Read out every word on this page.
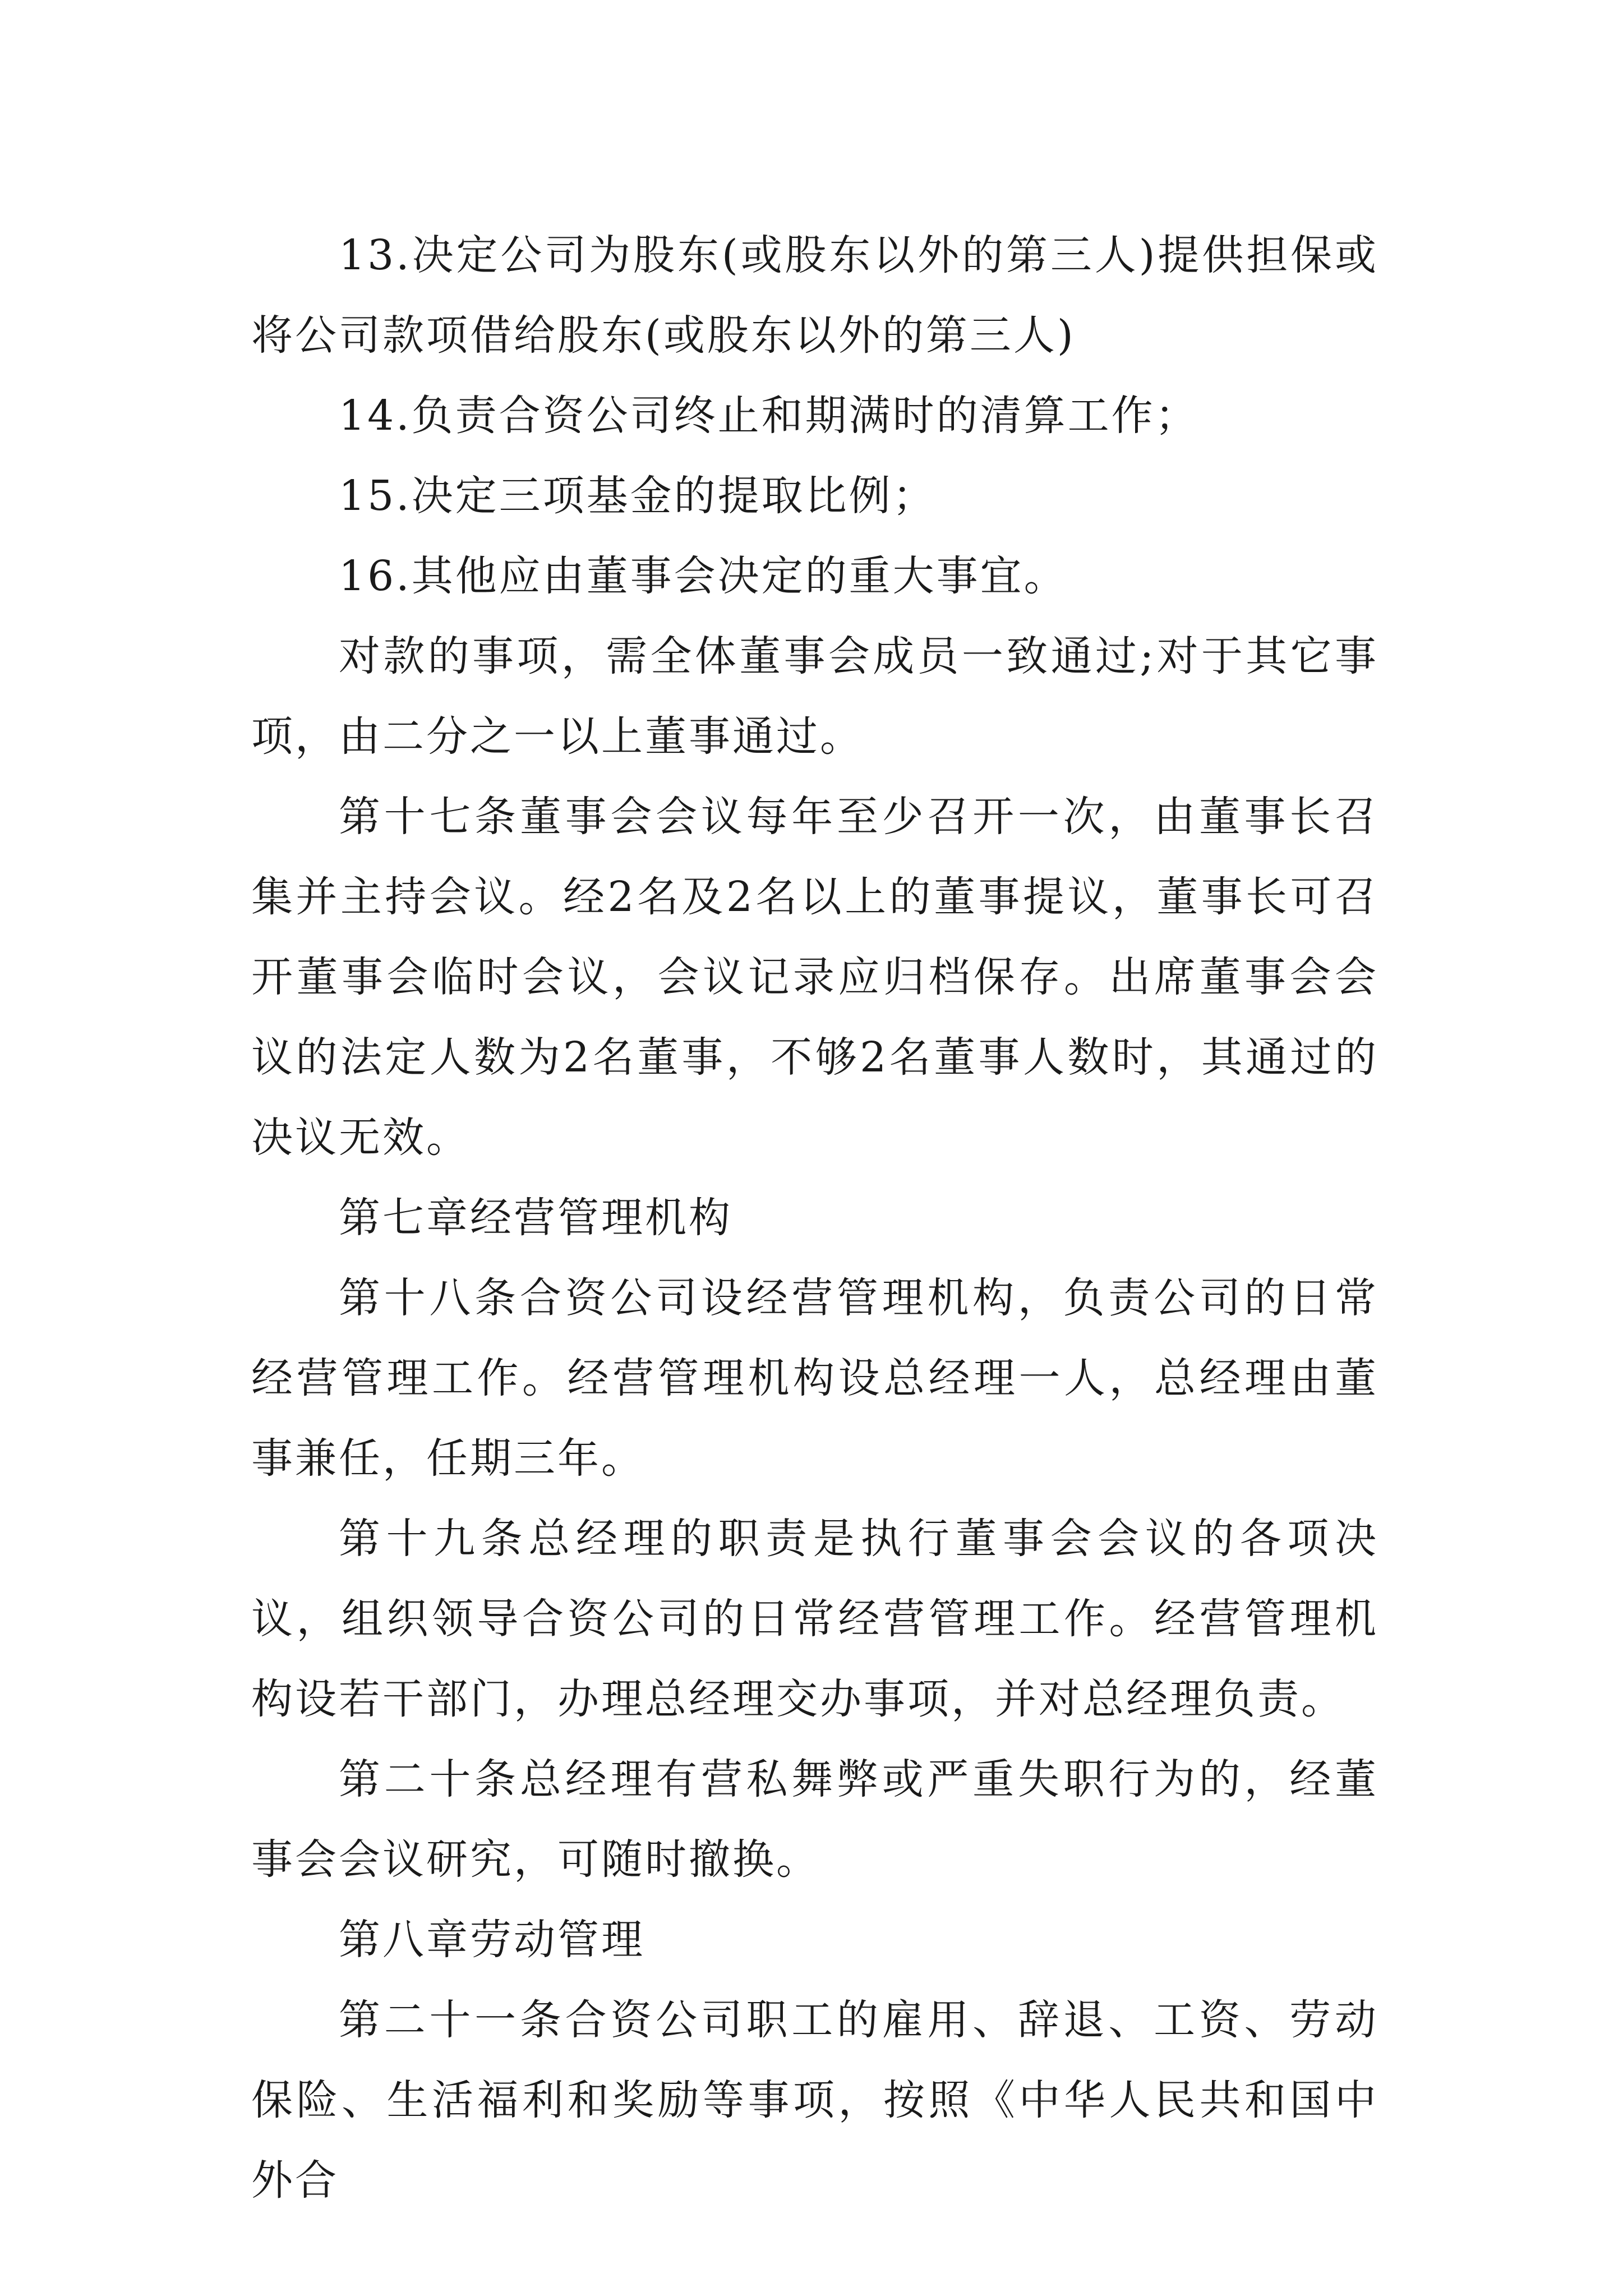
13.决定公司为股东(或股东以外的第三人)提供担保或将公司款项借给股东(或股东以外的第三人)

14.负责合资公司终止和期满时的清算工作；

15.决定三项基金的提取比例；

16.其他应由董事会决定的重大事宜。

对款的事项，需全体董事会成员一致通过;对于其它事项，由二分之一以上董事通过。

第十七条董事会会议每年至少召开一次，由董事长召集并主持会议。经2名及2名以上的董事提议，董事长可召开董事会临时会议，会议记录应归档保存。出席董事会会议的法定人数为2名董事，不够2名董事人数时，其通过的决议无效。

第七章经营管理机构

第十八条合资公司设经营管理机构，负责公司的日常经营管理工作。经营管理机构设总经理一人，总经理由董事兼任，任期三年。

第十九条总经理的职责是执行董事会会议的各项决议，组织领导合资公司的日常经营管理工作。经营管理机构设若干部门，办理总经理交办事项，并对总经理负责。

第二十条总经理有营私舞弊或严重失职行为的，经董事会会议研究，可随时撤换。

第八章劳动管理

第二十一条合资公司职工的雇用、辞退、工资、劳动保险、生活福利和奖励等事项，按照《中华人民共和国中外合
